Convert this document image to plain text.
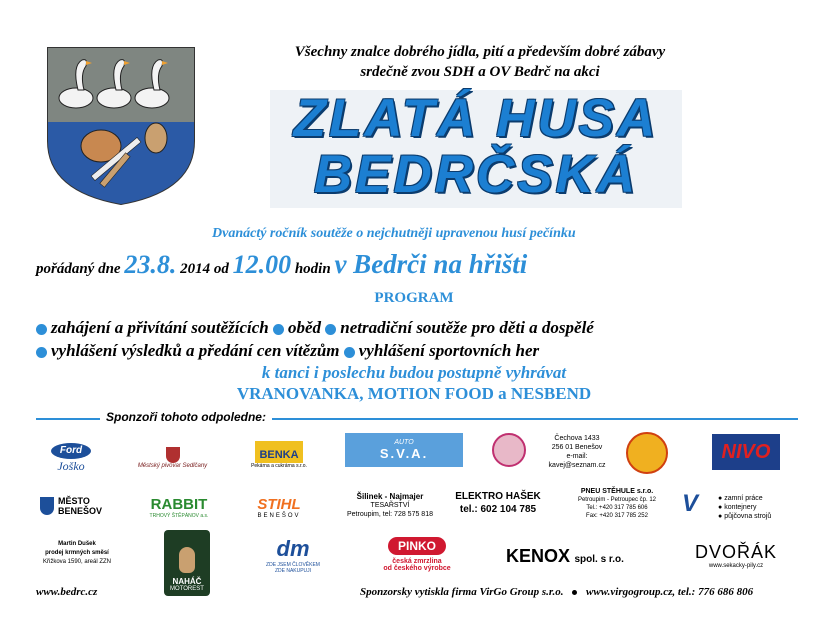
Všechny znalce dobrého jídla, pití a především dobré zábavy
srdečně zvou SDH a OV Bedrč na akci
ZLATÁ HUSA
BEDRČSKÁ
Dvanáctý ročník soutěže o nejchutněji upravenou husí pečínku
pořádaný dne 23.8. 2014 od 12.00 hodin v Bedrči na hřišti
PROGRAM
zahájení a přivítání soutěžících oběd netradiční soutěže pro děti a dospělé
vyhlášení výsledků a předání cen vítězům vyhlášení sportovních her
k tanci i poslechu budou postupně vyhrávat
VRANOVANKA, MOTION FOOD a NESBEND
Sponzoři tohoto odpoledne:
Ford
Joško	Městský pivovar Sedlčany
BENKA
Pekárna a cukrárna s.r.o.
AUTO
S.V.A.
Čechova 1433
256 01 Benešov
e-mail:
kavej@seznam.cz
NIVO
MĚSTO
BENEŠOV	RABBIT
TRHOVÝ ŠTĚPÁNOV a.s.
STIHL
BENEŠOV
Šilinek - Najmajer
TESAŘSTVÍ
Petroupim, tel: 728 575 818
ELEKTRO HAŠEK
tel.: 602 104 785
PNEU STĚHULE s.r.o.
Petroupim - Petroupec čp. 12
Tel.: +420 317 785 606
Fax: +420 317 785 252	V	● zamní práce
● kontejnery
● půjčovna strojů
Martin Dušek
prodej krmných směsí
Křižkova 1590, areál ZZN
NAHÁČ
MOTOREST
dm
ZDE JSEM ČLOVĚKEM
ZDE NAKUPUJI
PINKO
česká zmrzlina
od českého výrobce
KENOX spol. s r.o.	DVOŘÁK
www.sekacky-pily.cz
www.bedrc.cz	Sponzorsky vytiskla firma VirGo Group s.r.o. www.virgogroup.cz, tel.: 776 686 806
